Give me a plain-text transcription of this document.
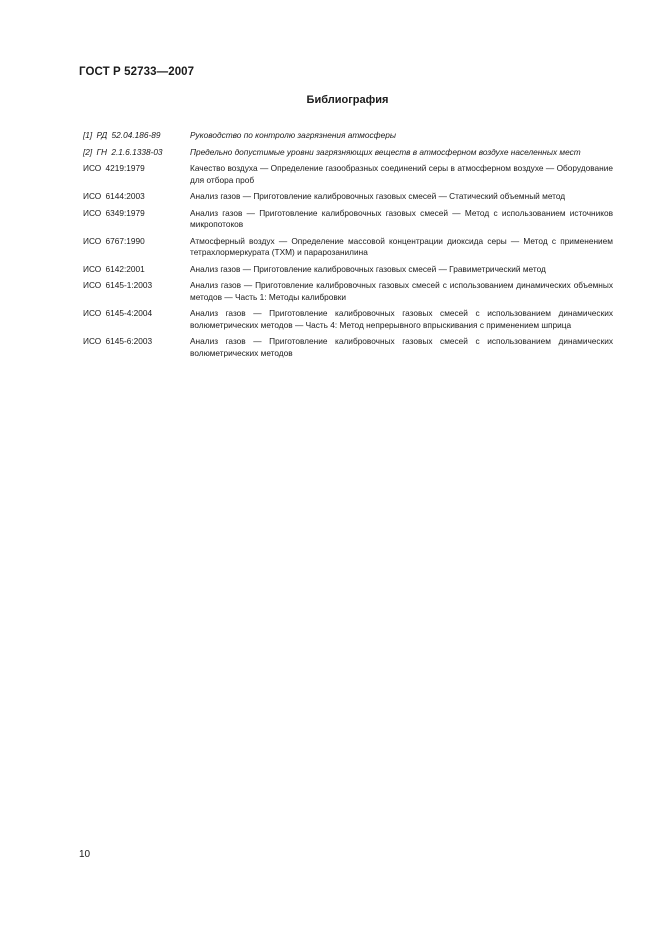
ГОСТ Р 52733—2007
Библиография
[1] РД 52.04.186-89	Руководство по контролю загрязнения атмосферы
[2] ГН 2.1.6.1338-03	Предельно допустимые уровни загрязняющих веществ в атмосферном воздухе населенных мест
ИСО 4219:1979	Качество воздуха — Определение газообразных соединений серы в атмосферном воздухе — Оборудование для отбора проб
ИСО 6144:2003	Анализ газов — Приготовление калибровочных газовых смесей — Статический объемный метод
ИСО 6349:1979	Анализ газов — Приготовление калибровочных газовых смесей — Метод с использованием источников микропотоков
ИСО 6767:1990	Атмосферный воздух — Определение массовой концентрации диоксида серы — Метод с применением тетрахлормеркурата (ТХМ) и парарозанилина
ИСО 6142:2001	Анализ газов — Приготовление калибровочных газовых смесей — Гравиметрический метод
ИСО 6145-1:2003	Анализ газов — Приготовление калибровочных газовых смесей с использованием динамических объемных методов — Часть 1: Методы калибровки
ИСО 6145-4:2004	Анализ газов — Приготовление калибровочных газовых смесей с использованием динамических волюметрических методов — Часть 4: Метод непрерывного впрыскивания с применением шприца
ИСО 6145-6:2003	Анализ газов — Приготовление калибровочных газовых смесей с использованием динамических волюметрических методов
10
